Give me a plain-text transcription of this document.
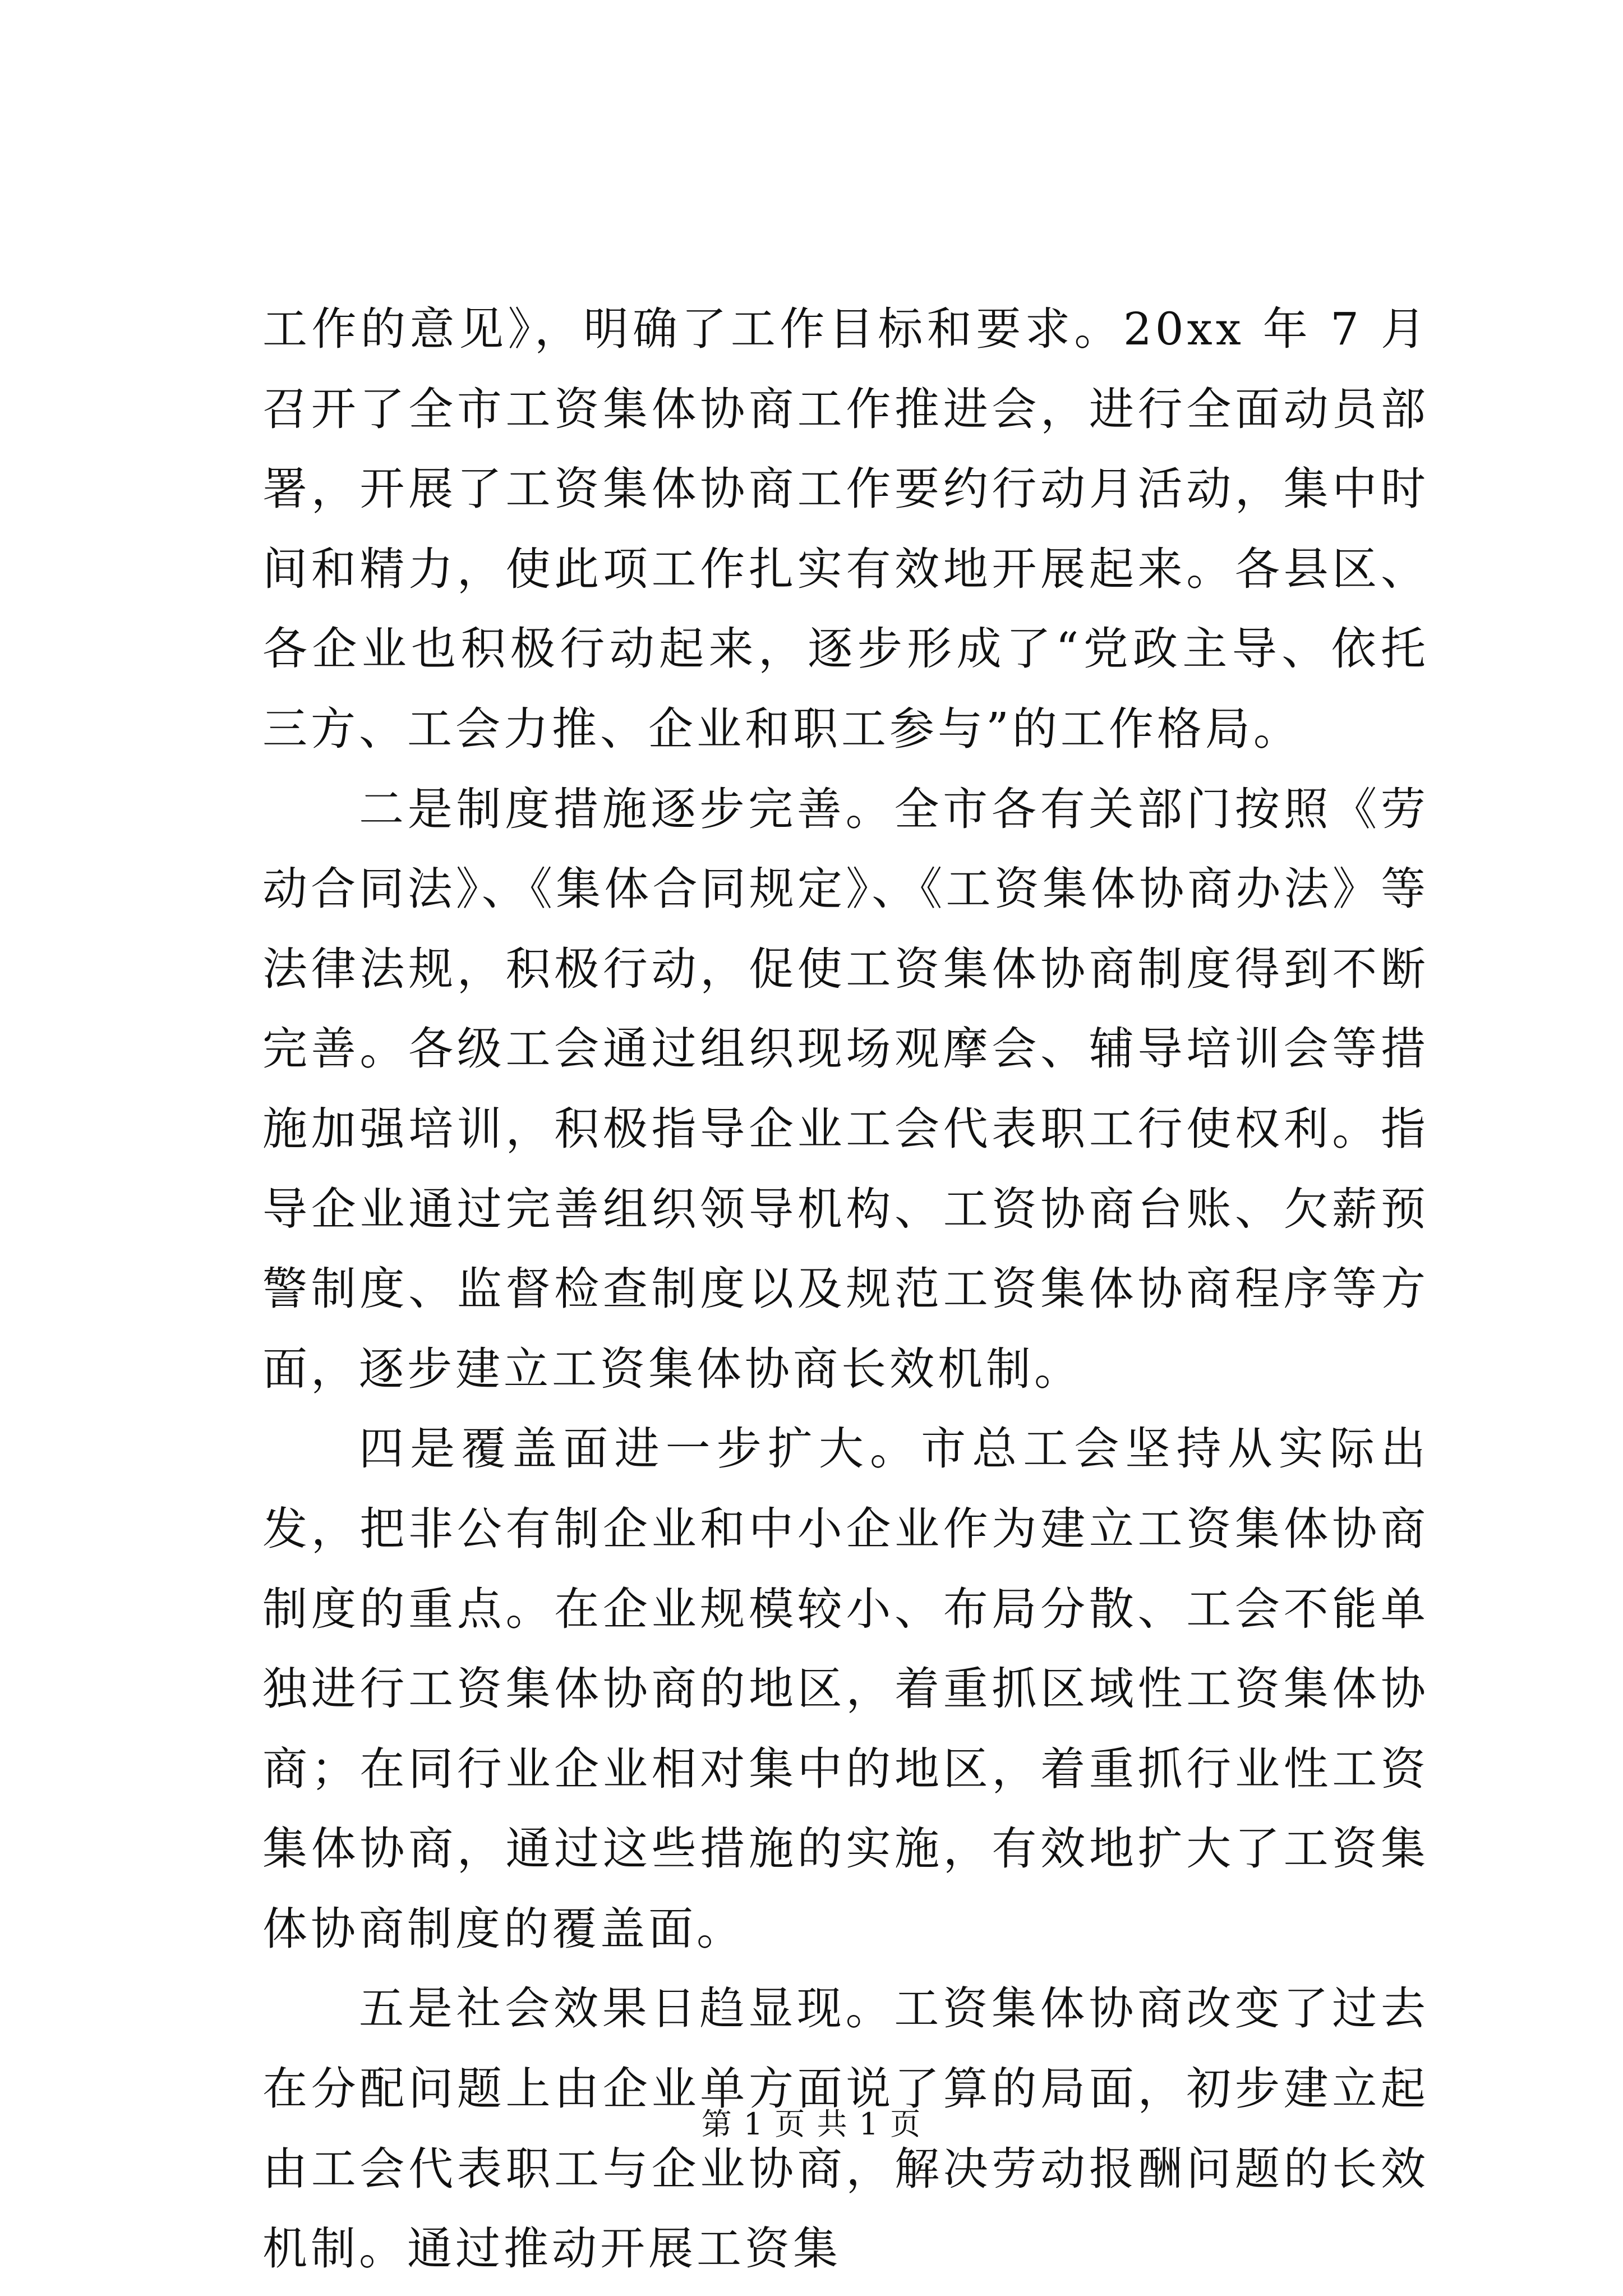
工作的意见》，明确了工作目标和要求。20xx 年 7 月召开了全市工资集体协商工作推进会，进行全面动员部署，开展了工资集体协商工作要约行动月活动，集中时间和精力，使此项工作扎实有效地开展起来。各县区、各企业也积极行动起来，逐步形成了“党政主导、依托三方、工会力推、企业和职工参与”的工作格局。

二是制度措施逐步完善。全市各有关部门按照《劳动合同法》、《集体合同规定》、《工资集体协商办法》等法律法规，积极行动，促使工资集体协商制度得到不断完善。各级工会通过组织现场观摩会、辅导培训会等措施加强培训，积极指导企业工会代表职工行使权利。指导企业通过完善组织领导机构、工资协商台账、欠薪预警制度、监督检查制度以及规范工资集体协商程序等方面，逐步建立工资集体协商长效机制。

四是覆盖面进一步扩大。市总工会坚持从实际出发，把非公有制企业和中小企业作为建立工资集体协商制度的重点。在企业规模较小、布局分散、工会不能单独进行工资集体协商的地区，着重抓区域性工资集体协商；在同行业企业相对集中的地区，着重抓行业性工资集体协商，通过这些措施的实施，有效地扩大了工资集体协商制度的覆盖面。

五是社会效果日趋显现。工资集体协商改变了过去在分配问题上由企业单方面说了算的局面，初步建立起由工会代表职工与企业协商，解决劳动报酬问题的长效机制。通过推动开展工资集

第 1 页 共 1 页
